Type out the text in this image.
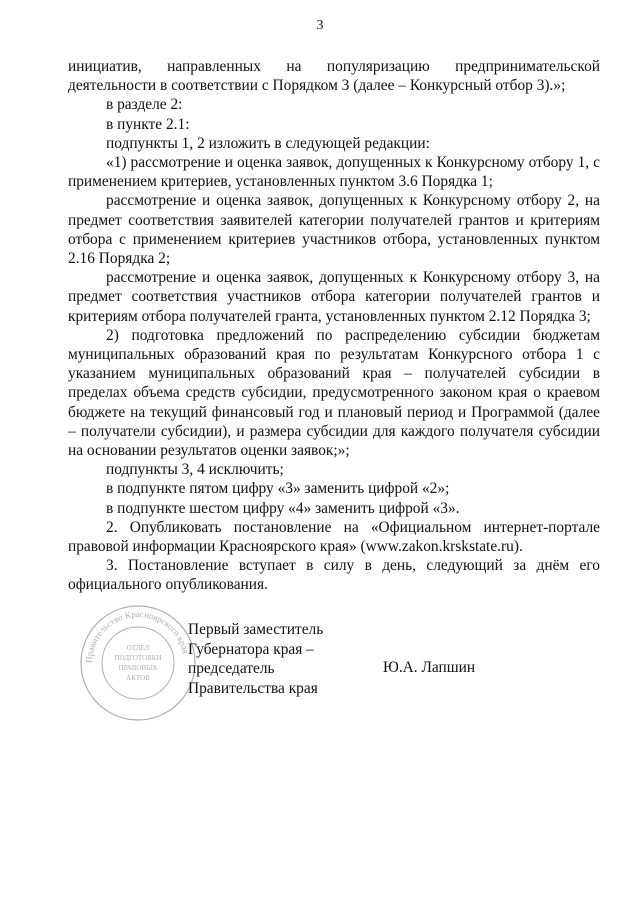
3

инициатив, направленных на популяризацию предпринимательской деятельности в соответствии с Порядком 3 (далее – Конкурсный отбор 3).»;

в разделе 2:

в пункте 2.1:

подпункты 1, 2 изложить в следующей редакции:

«1) рассмотрение и оценка заявок, допущенных к Конкурсному отбору 1, с применением критериев, установленных пунктом 3.6 Порядка 1;

рассмотрение и оценка заявок, допущенных к Конкурсному отбору 2, на предмет соответствия заявителей категории получателей грантов и критериям отбора с применением критериев участников отбора, установленных пунктом 2.16 Порядка 2;

рассмотрение и оценка заявок, допущенных к Конкурсному отбору 3, на предмет соответствия участников отбора категории получателей грантов и критериям отбора получателей гранта, установленных пунктом 2.12 Порядка 3;

2) подготовка предложений по распределению субсидии бюджетам муниципальных образований края по результатам Конкурсного отбора 1 с указанием муниципальных образований края – получателей субсидии в пределах объема средств субсидии, предусмотренного законом края о краевом бюджете на текущий финансовый год и плановый период и Программой (далее – получатели субсидии), и размера субсидии для каждого получателя субсидии на основании результатов оценки заявок;»;

подпункты 3, 4 исключить;

в подпункте пятом цифру «3» заменить цифрой «2»;

в подпункте шестом цифру «4» заменить цифрой «3».

2. Опубликовать постановление на «Официальном интернет-портале правовой информации Красноярского края» (www.zakon.krskstate.ru).

3. Постановление вступает в силу в день, следующий за днём его официального опубликования.

Правительство Красноярского края
ОТДЕЛ
ПОДГОТОВКИ
ПРАВОВЫХ
АКТОВ
Первый заместитель
Губернатора края –
председатель
Правительства края
Ю.А. Лапшин
